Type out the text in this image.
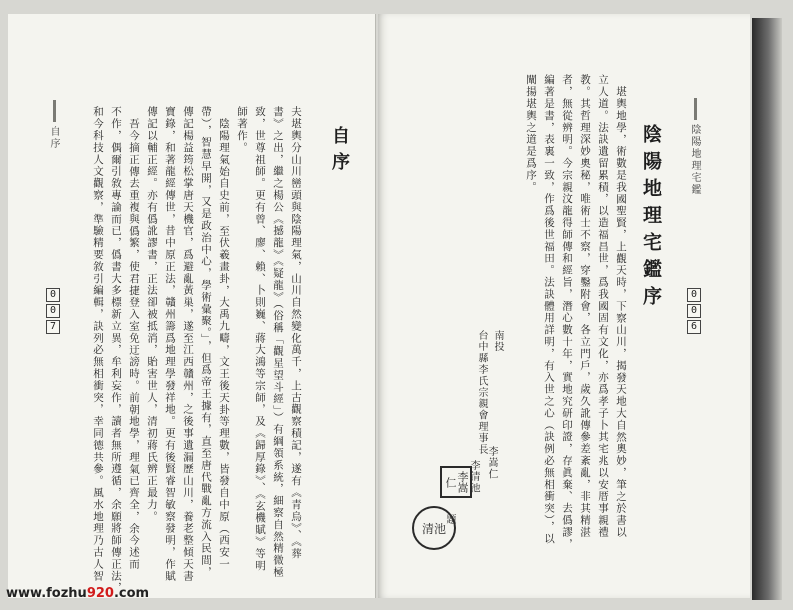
自序
0
0
7
自序
夫堪輿分山川巒頭與陰陽理氣，山川自然變化萬千，上古觀察積記，遂有《青烏》、《葬
書》之出，繼之楊公《撼龍》《疑龍》（俗稱「觀星望斗經」）有綱領系統，細察自然精微極
致，世尊祖師。更有曾、廖、賴、卜則巍、蔣大鴻等宗師，及《歸厚錄》、《玄機賦》等明
師著作。
陰陽理氣始自史前，至伏羲畫卦，大禹九疇，文王後天卦等理數，皆發自中原（西安一
帶），智慧早開，又是政治中心，學術彙聚。」，但爲帝王據有，直至唐代戰亂方流入民間，
傳記楊益筠松掌唐天機官，爲避亂黃巢，遂至江西贛州，之後事遺漏歷山川，養老整傾天書
寶錄，和著龍經傳世，昔中原正法，贛州籌爲地理學發祥地。更有後賢睿智敏察發明，作賦
傳記以輔正經。亦有僞訛謬書，正法卻被抵消，貽害世人，清初蔣氏辨正最力。
吾今摘正傳去重複與僞繁，使君捷登入室免迂謗時。前朝地學，理氣已齊全，余今述而
不作，偶爾引敘專論而已，僞書大多標新立異，牟利妄作，讀者無所遵循，余願將師傳正法，
和今科技人文觀察，準驗精要敘引編輯，訣列必無相衝突，幸同德共參。風水地理乃古人智	陰陽地理宅鑑
0
0
6
陰陽地理宅鑑序
堪輿地學，術數是我國聖賢，上觀天時，下察山川，揭發天地大自然奧妙，筆之於書以
立人道。法訣遺留累積，以造福昌世，爲我國固有文化，亦爲孝子卜其宅兆以安厝事親禮
教。其哲理深妙奧秘，唯術士不察，穿鑿附會，各立門戶，歲久訛傳參差紊亂，非其精湛
者，無從辨明。今宗親汶龍得師傳和經旨，潛心數十年，實地究研印證，存眞棄、去僞謬，
編著是書，表裏一致，作爲後世福田。法訣體用詳明，有入世之心（訣例必無相衝突），以
闡揚堪輿之道是爲序。
南投
台中縣李氏宗親會理事長
李嵩仁
李清池
題
李嵩仁
清池
www.fozhu920.com
